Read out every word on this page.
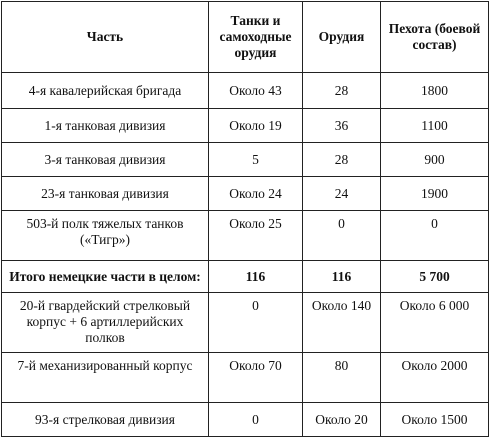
Часть	Танки и самоходные орудия	Орудия	Пехота (боевой состав)
4-я кавалерийская бригада	Около 43	28	1800
1-я танковая дивизия	Около 19	36	1100
3-я танковая дивизия	5	28	900
23-я танковая дивизия	Около 24	24	1900
503-й полк тяжелых танков («Тигр»)	Около 25	0	0
Итого немецкие части в целом:	116	116	5 700
20-й гвардейский стрелковый корпус + 6 артиллерийских полков	0	Около 140	Около 6 000
7-й механизированный корпус	Около 70	80	Около 2000
93-я стрелковая дивизия	0	Около 20	Около 1500
